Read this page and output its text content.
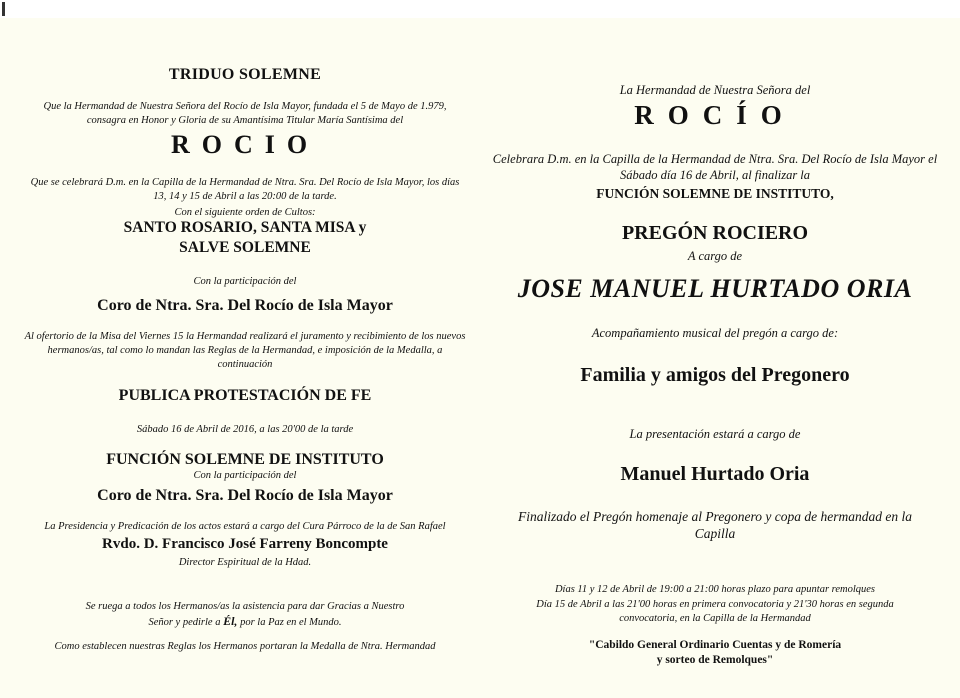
TRIDUO SOLEMNE

Que la Hermandad de Nuestra Señora del Rocío de Isla Mayor, fundada el 5 de Mayo de 1.979, consagra en Honor y Gloria de su Amantísima Titular María Santísima del

ROCIO

Que se celebrará D.m. en la Capilla de la Hermandad de Ntra. Sra. Del Rocío de Isla Mayor, los días 13, 14 y 15 de Abril a las 20:00 de la tarde.

Con el siguiente orden de Cultos:

SANTO ROSARIO, SANTA MISA y

SALVE SOLEMNE

Con la participación del

Coro de Ntra. Sra. Del Rocío de Isla Mayor

Al ofertorio de la Misa del Viernes 15 la Hermandad realizará el juramento y recibimiento de los nuevos hermanos/as, tal como lo mandan las Reglas de la Hermandad, e imposición de la Medalla, a continuación

PUBLICA PROTESTACIÓN DE FE

Sábado 16 de Abril de 2016, a las 20'00 de la tarde

FUNCIÓN SOLEMNE DE INSTITUTO

Con la participación del

Coro de Ntra. Sra. Del Rocío de Isla Mayor

La Presidencia y Predicación de los actos estará a cargo del Cura Párroco de la de San Rafael

Rvdo. D. Francisco José Farreny Boncompte

Director Espiritual de la Hdad.

Se ruega a todos los Hermanos/as la asistencia para dar Gracias a Nuestro Señor y pedirle a Él, por la Paz en el Mundo.

Como establecen nuestras Reglas los Hermanos portaran la Medalla de Ntra. Hermandad

La Hermandad de Nuestra Señora del

ROCÍO

Celebrara D.m. en la Capilla de la Hermandad de Ntra. Sra. Del Rocío de Isla Mayor el Sábado día 16 de Abril, al finalizar la

FUNCIÓN SOLEMNE DE INSTITUTO,

PREGÓN ROCIERO

A cargo de

JOSE MANUEL HURTADO ORIA

Acompañamiento musical del pregón a cargo de:

Familia y amigos del Pregonero

La presentación estará a cargo de

Manuel Hurtado Oria

Finalizado el Pregón homenaje al Pregonero y copa de hermandad en la Capilla

Días 11 y 12 de Abril de 19:00 a 21:00 horas plazo para apuntar remolques

Día 15 de Abril a las 21'00 horas en primera convocatoria y 21'30 horas en segunda convocatoria, en la Capilla de la Hermandad

"Cabildo General Ordinario Cuentas y de Romería

y sorteo de Remolques"
